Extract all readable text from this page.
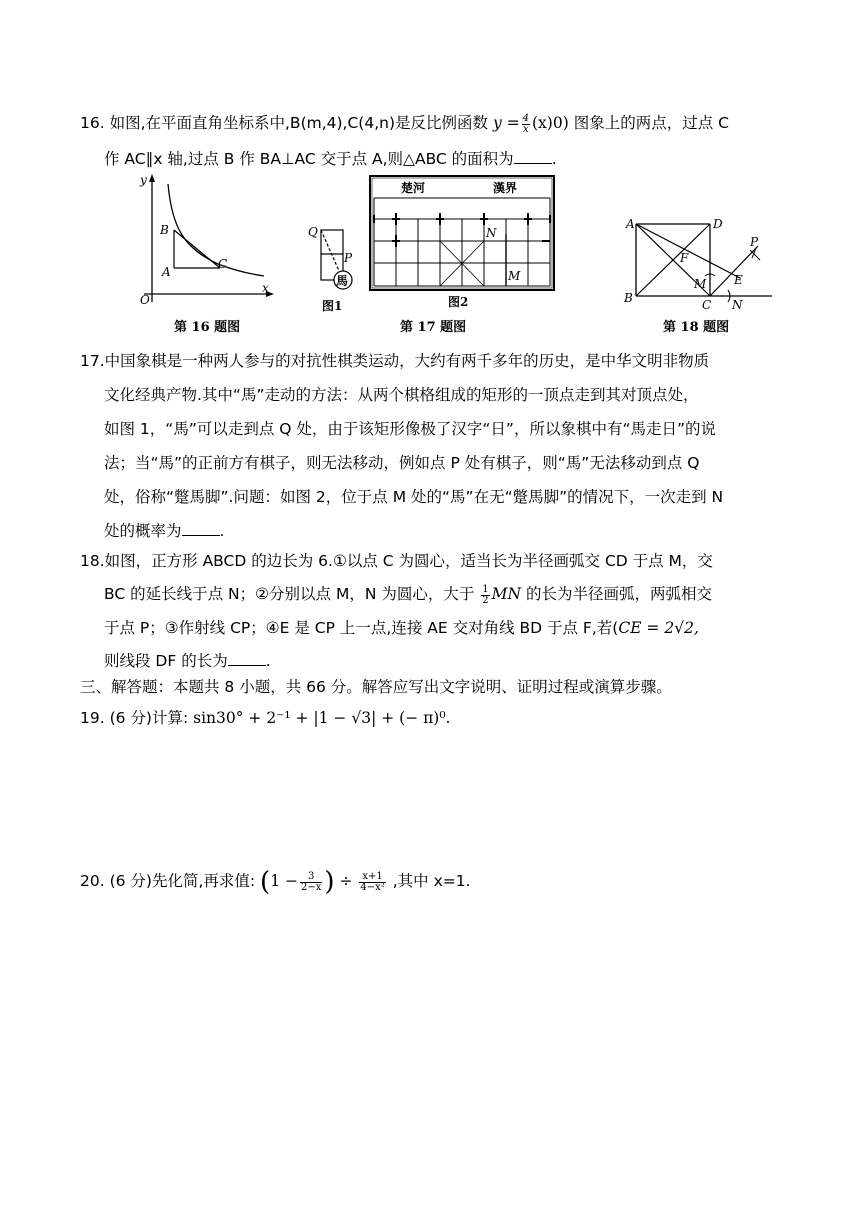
16. 如图,在平面直角坐标系中,B(m,4),C(4,n)是反比例函数 $y = \frac{4}{x} (x)0$) 图象上的两点，过点 C
作 AC∥x 轴,过点 B 作 BA⊥AC 交于点 A,则△ABC 的面积为 .
y
x
O
B
A
C
馬
Q
P
图1
楚河	漢界
N
M
图2
A	D
B	C N
F
M E
P
第 16 题图	第 17 题图	第 18 题图
17.中国象棋是一种两人参与的对抗性棋类运动，大约有两千多年的历史，是中华文明非物质
文化经典产物.其中“馬”走动的方法：从两个棋格组成的矩形的一顶点走到其对顶点处，
如图 1，“馬”可以走到点 Q 处，由于该矩形像极了汉字“日”，所以象棋中有“馬走日”的说
法；当“馬”的正前方有棋子，则无法移动，例如点 P 处有棋子，则“馬”无法移动到点 Q
处，俗称“蹩馬脚”.问题：如图 2，位于点 M 处的“馬”在无“蹩馬脚”的情况下，一次走到 N
处的概率为 .
18.如图，正方形 ABCD 的边长为 6.①以点 C 为圆心，适当长为半径画弧交 CD 于点 M，交
BC 的延长线于点 N；②分别以点 M，N 为圆心，大于 $\frac{1}{2}$ MN 的长为半径画弧，两弧相交
于点 P；③作射线 CP；④E 是 CP 上一点,连接 AE 交对角线 BD 于点 F,若(CE = 2√2,
则线段 DF 的长为 .
三、解答题：本题共 8 小题，共 66 分。解答应写出文字说明、证明过程或演算步骤。
19. (6 分)计算: sin30° + 2⁻¹ + |1 − √3| + (− π)⁰.
20. (6 分)先化简,再求值: ($1 - \frac{3}{2-x}$ ) ÷ $\frac{x+1}{\text{4−x²}}$ ,其中 x=1.
